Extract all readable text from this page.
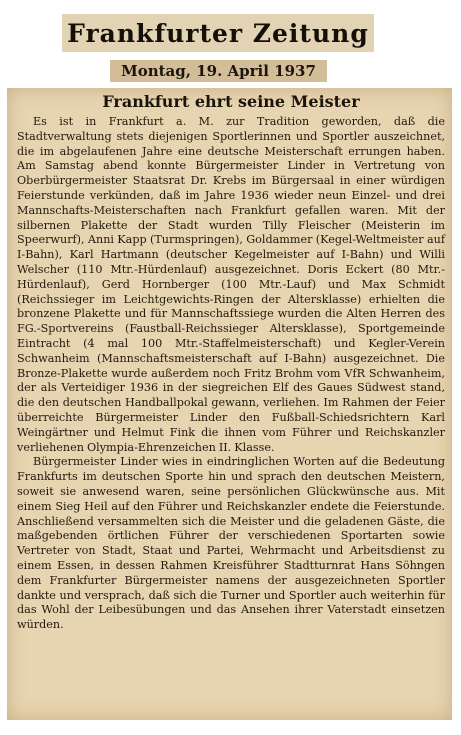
Frankfurter Zeitung
Montag, 19. April 1937
Frankfurt ehrt seine Meister

Es ist in Frankfurt a. M. zur Tradition geworden, daß die Stadtverwaltung stets diejenigen Sportlerinnen und Sportler auszeichnet, die im abgelaufenen Jahre eine deutsche Meisterschaft errungen haben. Am Samstag abend konnte Bürgermeister Linder in Vertretung von Oberbürgermeister Staatsrat Dr. Krebs im Bürgersaal in einer würdigen Feierstunde verkünden, daß im Jahre 1936 wieder neun Einzel- und drei Mannschafts-Meisterschaften nach Frankfurt gefallen waren. Mit der silbernen Plakette der Stadt wurden Tilly Fleischer (Meisterin im Speerwurf), Anni Kapp (Turmspringen), Goldammer (Kegel-Weltmeister auf I-Bahn), Karl Hartmann (deutscher Kegelmeister auf I-Bahn) und Willi Welscher (110 Mtr.-Hürdenlauf) ausgezeichnet. Doris Eckert (80 Mtr.-Hürdenlauf), Gerd Hornberger (100 Mtr.-Lauf) und Max Schmidt (Reichssieger im Leichtgewichts-Ringen der Altersklasse) erhielten die bronzene Plakette und für Mannschaftssiege wurden die Alten Herren des FG.-Sportvereins (Faustball-Reichssieger Altersklasse), Sportgemeinde Eintracht (4 mal 100 Mtr.-Staffelmeisterschaft) und Kegler-Verein Schwanheim (Mannschaftsmeisterschaft auf I-Bahn) ausgezeichnet. Die Bronze-Plakette wurde außerdem noch Fritz Brohm vom VfR Schwanheim, der als Verteidiger 1936 in der siegreichen Elf des Gaues Südwest stand, die den deutschen Handballpokal gewann, verliehen. Im Rahmen der Feier überreichte Bürgermeister Linder den Fußball-Schiedsrichtern Karl Weingärtner und Helmut Fink die ihnen vom Führer und Reichskanzler verliehenen Olympia-Ehrenzeichen II. Klasse.

Bürgermeister Linder wies in eindringlichen Worten auf die Bedeutung Frankfurts im deutschen Sporte hin und sprach den deutschen Meistern, soweit sie anwesend waren, seine persönlichen Glückwünsche aus. Mit einem Sieg Heil auf den Führer und Reichskanzler endete die Feierstunde. Anschließend versammelten sich die Meister und die geladenen Gäste, die maßgebenden örtlichen Führer der verschiedenen Sportarten sowie Vertreter von Stadt, Staat und Partei, Wehrmacht und Arbeitsdienst zu einem Essen, in dessen Rahmen Kreisführer Stadtturnrat Hans Söhngen dem Frankfurter Bürgermeister namens der ausgezeichneten Sportler dankte und versprach, daß sich die Turner und Sportler auch weiterhin für das Wohl der Leibesübungen und das Ansehen ihrer Vaterstadt einsetzen würden.
